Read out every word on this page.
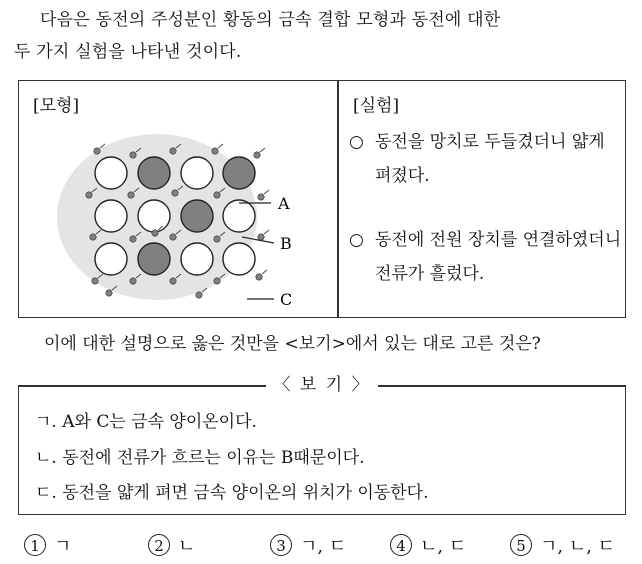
다음은 동전의 주성분인 황동의 금속 결합 모형과 동전에 대한
두 가지 실험을 나타낸 것이다.
[모형]	[실험]
A
B
C
○ 동전을 망치로 두들겼더니 얇게 펴졌다.
○ 동전에 전원 장치를 연결하였더니 전류가 흘렀다.
이에 대한 설명으로 옳은 것만을 <보기>에서 있는 대로 고른 것은?
ㄱ. A와 C는 금속 양이온이다.
ㄴ. 동전에 전류가 흐르는 이유는 B때문이다.
ㄷ. 동전을 얇게 펴면 금속 양이온의 위치가 이동한다.
〈 보 기 〉
1 ㄱ	2 ㄴ	3 ㄱ, ㄷ	4 ㄴ, ㄷ	5 ㄱ, ㄴ, ㄷ
